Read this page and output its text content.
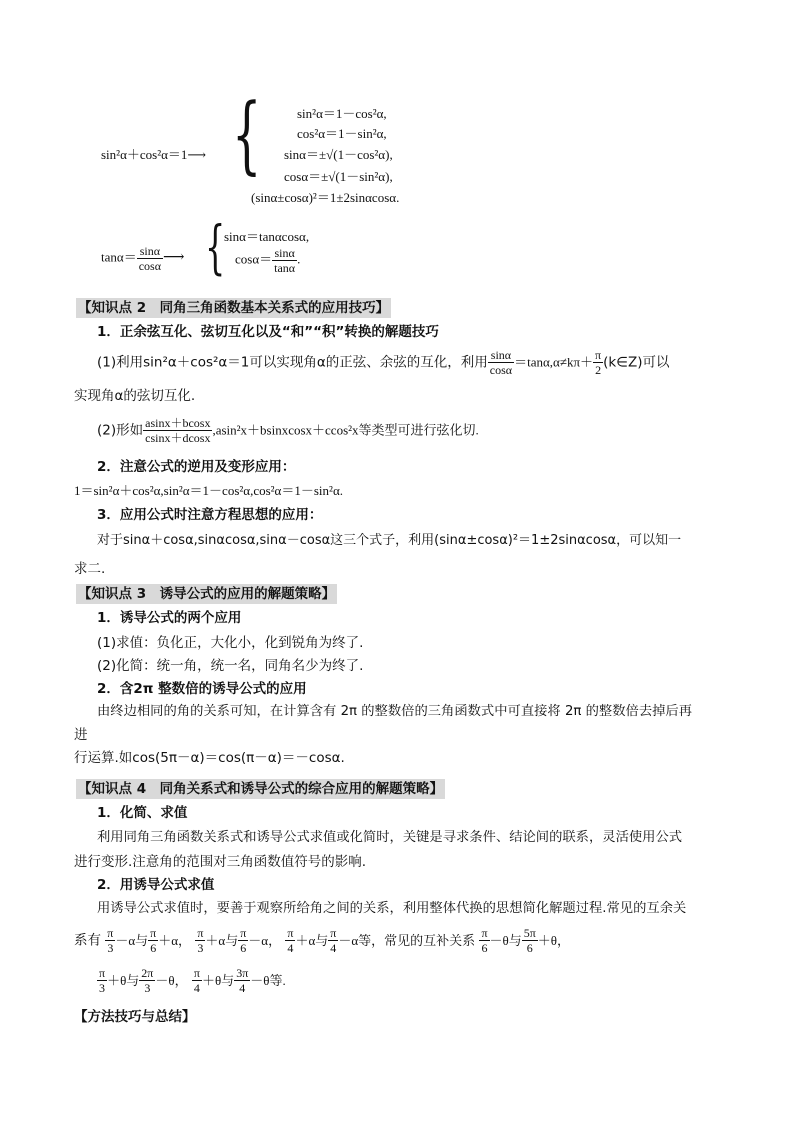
sin²α＋cos²α＝1⟶ {	sin²α＝1－cos²α,
cos²α＝1－sin²α,
sinα＝±√(1－cos²α),
cosα＝±√(1－sin²α),
(sinα±cosα)²＝1±2sinαcosα.
$\tan\alpha= \frac{\sin\alpha}{\cos\alpha}$ ⟶ {
sinα＝tanαcosα,
$\cos\alpha= \frac{\sin\alpha}{\tan\alpha}$ .
【知识点 2　同角三角函数基本关系式的应用技巧】
1．正余弦互化、弦切互化以及“和”“积”转换的解题技巧
(1)利用sin²α＋cos²α＝1可以实现角α的正弦、余弦的互化，利用 $\frac{\sin\alpha}{\cos\alpha} =\tan\alpha,\alpha\ne k\pi+ \frac{\pi}{2}$ (k∈Z)可以
实现角α的弦切互化.
(2)形如 $\frac{asinx+bcosx}{csinx+dcosx}$ ,asin²x＋bsinxcosx＋ccos²x等类型可进行弦化切.
2．注意公式的逆用及变形应用：
1＝sin²α＋cos²α,sin²α＝1－cos²α,cos²α＝1－sin²α.
3．应用公式时注意方程思想的应用：
对于sinα＋cosα,sinαcosα,sinα－cosα这三个式子，利用(sinα±cosα)²＝1±2sinαcosα，可以知一
求二.
【知识点 3　诱导公式的应用的解题策略】
1．诱导公式的两个应用
(1)求值：负化正，大化小，化到锐角为终了.
(2)化简：统一角，统一名，同角名少为终了.
2．含2π 整数倍的诱导公式的应用
由终边相同的角的关系可知，在计算含有 2π 的整数倍的三角函数式中可直接将 2π 的整数倍去掉后再
进
行运算.如cos(5π－α)＝cos(π－α)＝－cosα.
【知识点 4　同角关系式和诱导公式的综合应用的解题策略】
1．化简、求值
利用同角三角函数关系式和诱导公式求值或化简时，关键是寻求条件、结论间的联系，灵活使用公式
进行变形.注意角的范围对三角函数值符号的影响.
2．用诱导公式求值
用诱导公式求值时，要善于观察所给角之间的关系，利用整体代换的思想简化解题过程.常见的互余关
系有 $\frac{\pi}{3} -\alpha$与 $\frac{\pi}{6} +\alpha$， $\frac{\pi}{3} +\alpha$与 $\frac{\pi}{6} -\alpha$， $\frac{\pi}{4} +\alpha$与 $\frac{\pi}{4} -\alpha$等，常见的互补关系 $\frac{\pi}{6} -\theta$与 $\frac{5\pi}{6} +\theta$，
$\frac{\pi}{3} +\theta$与 $\frac{2\pi}{3} -\theta$， $\frac{\pi}{4} +\theta$与 $\frac{3\pi}{4} -\theta$等.
【方法技巧与总结】
